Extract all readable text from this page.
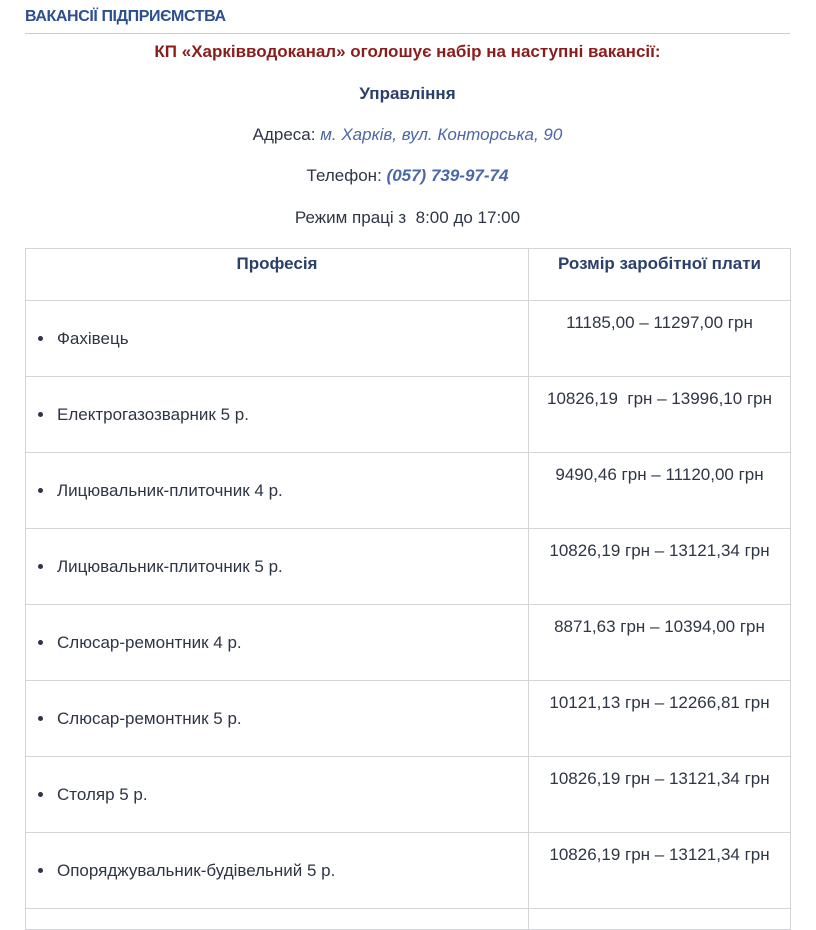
ВАКАНСІЇ ПІДПРИЄМСТВА
КП «Харківводоканал» оголошує набір на наступні вакансії:
Управління
Адреса: м. Харків, вул. Конторська, 90
Телефон: (057) 739-97-74
Режим праці з  8:00 до 17:00
Професія	Розмір заробітної плати

Фахівець	11185,00 – 11297,00 грн

Електрогазозварник 5 р.	10826,19  грн – 13996,10 грн

Лицювальник-плиточник 4 р.	9490,46 грн – 11120,00 грн

Лицювальник-плиточник 5 р.	10826,19 грн – 13121,34 грн

Слюсар-ремонтник 4 р.	8871,63 грн – 10394,00 грн

Слюсар-ремонтник 5 р.	10121,13 грн – 12266,81 грн

Столяр 5 р.	10826,19 грн – 13121,34 грн

Опоряджувальник-будівельний 5 р.	10826,19 грн – 13121,34 грн
